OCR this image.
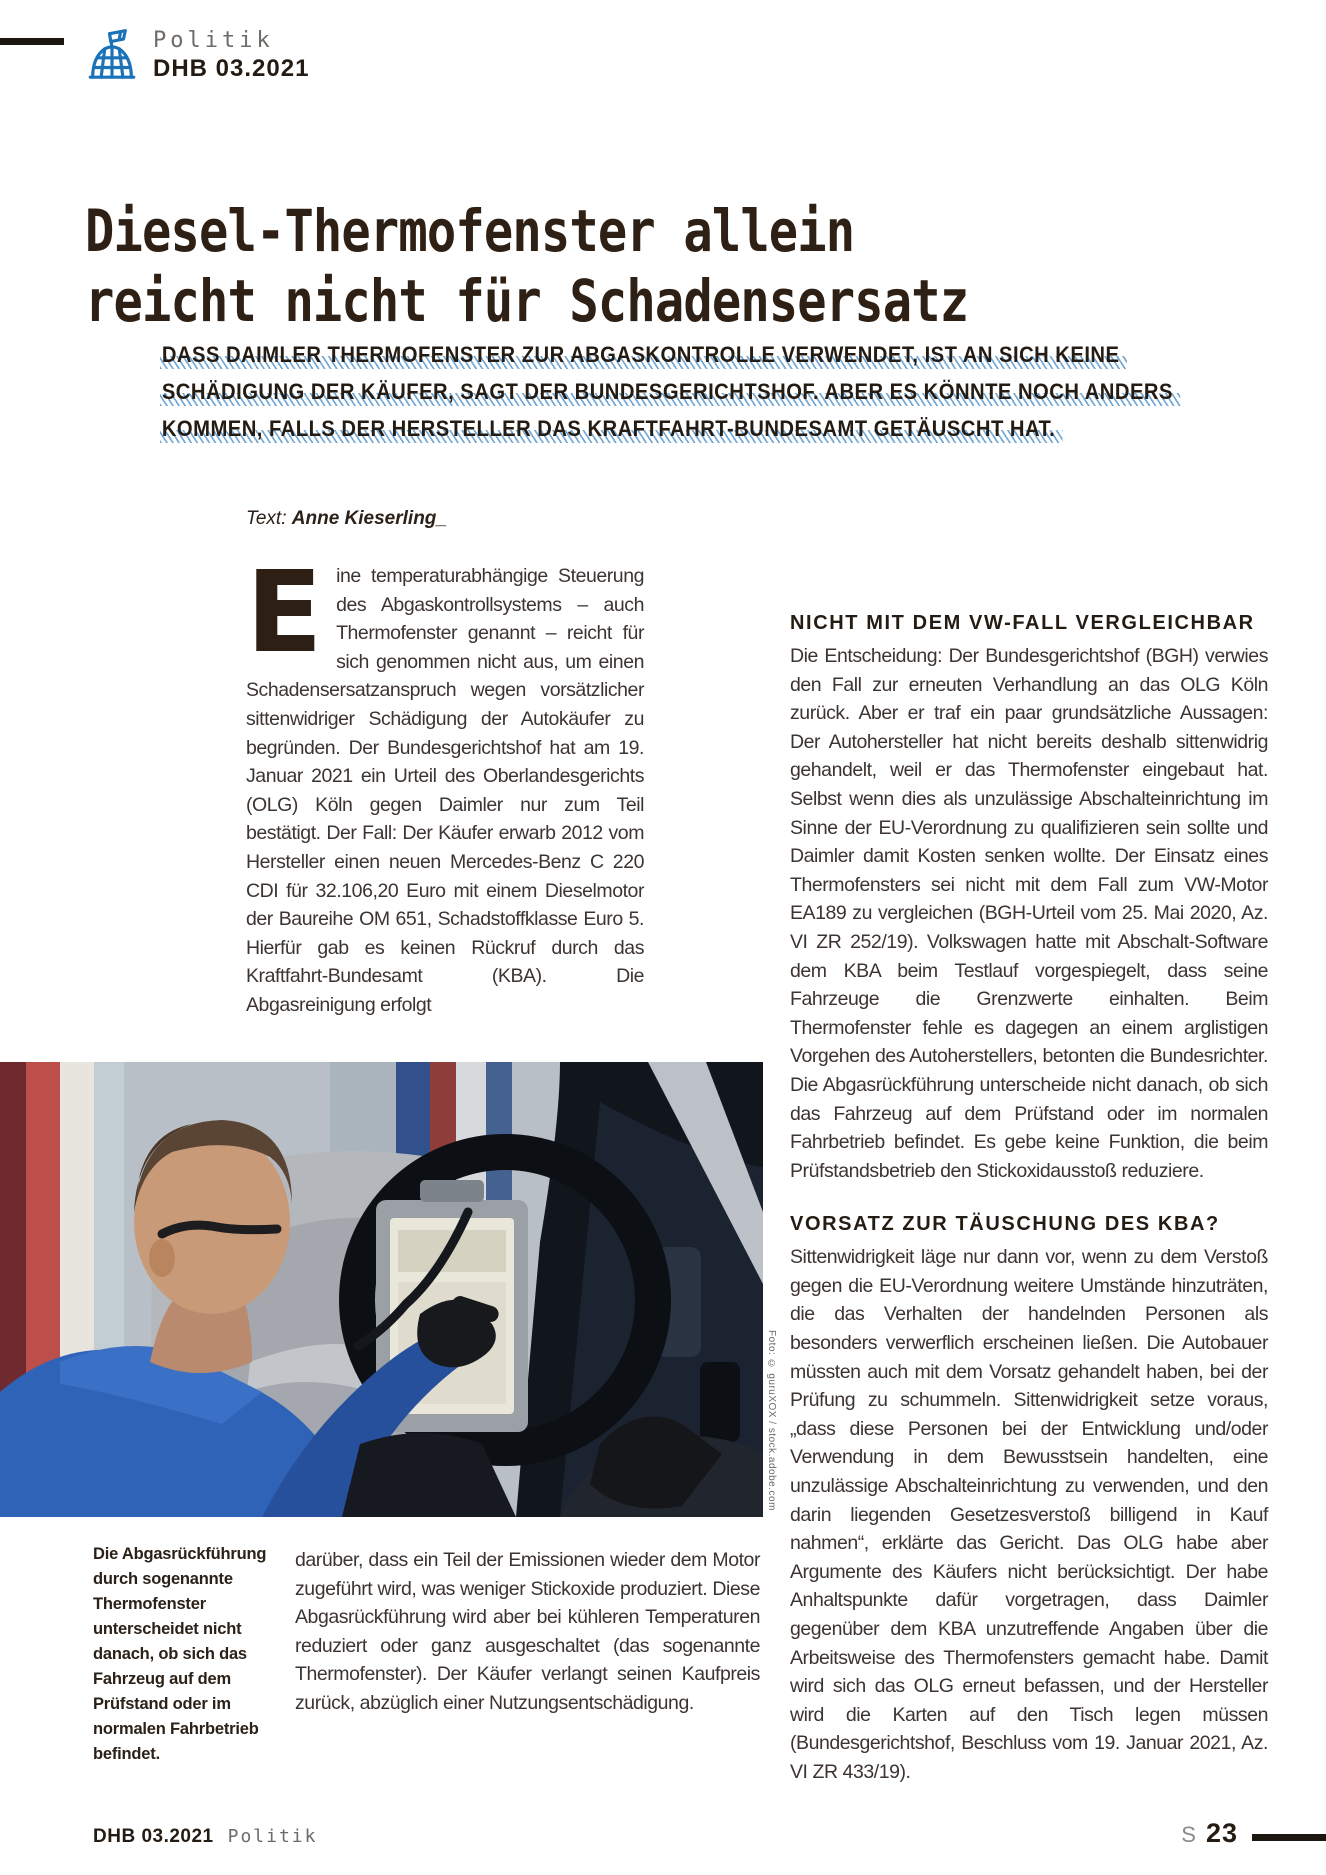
Politik
DHB 03.2021
Diesel-Thermofenster allein
reicht nicht für Schadensersatz
DASS DAIMLER THERMOFENSTER ZUR ABGASKONTROLLE VERWENDET, IST AN SICH KEINE
SCHÄDIGUNG DER KÄUFER, SAGT DER BUNDESGERICHTSHOF. ABER ES KÖNNTE NOCH ANDERS
KOMMEN, FALLS DER HERSTELLER DAS KRAFTFAHRT-BUNDESAMT GETÄUSCHT HAT.
Text: Anne Kieserling_

Eine temperaturabhängige Steuerung des Abgaskontrollsystems – auch Thermofenster genannt – reicht für sich genommen nicht aus, um einen Schadensersatzanspruch wegen vorsätzlicher sittenwidriger Schädigung der Autokäufer zu begründen. Der Bundesgerichtshof hat am 19. Januar 2021 ein Urteil des Oberlandesgerichts (OLG) Köln gegen Daimler nur zum Teil bestätigt. Der Fall: Der Käufer erwarb 2012 vom Hersteller einen neuen Mercedes-Benz C 220 CDI für 32.106,20 Euro mit einem Dieselmotor der Baureihe OM 651, Schadstoffklasse Euro 5. Hierfür gab es keinen Rückruf durch das Kraftfahrt-Bundesamt (KBA). Die Abgasreinigung erfolgt

NICHT MIT DEM VW-FALL VERGLEICHBAR

Die Entscheidung: Der Bundesgerichtshof (BGH) verwies den Fall zur erneuten Verhandlung an das OLG Köln zurück. Aber er traf ein paar grundsätzliche Aussagen: Der Autohersteller hat nicht bereits deshalb sittenwidrig gehandelt, weil er das Thermofenster eingebaut hat. Selbst wenn dies als unzulässige Abschalteinrichtung im Sinne der EU-Verordnung zu qualifizieren sein sollte und Daimler damit Kosten senken wollte. Der Einsatz eines Thermofensters sei nicht mit dem Fall zum VW-Motor EA189 zu vergleichen (BGH-Urteil vom 25. Mai 2020, Az. VI ZR 252/19). Volkswagen hatte mit Abschalt-Software dem KBA beim Testlauf vorgespiegelt, dass seine Fahrzeuge die Grenzwerte einhalten. Beim Thermofenster fehle es dagegen an einem arglistigen Vorgehen des Autoherstellers, betonten die Bundesrichter. Die Abgasrückführung unterscheide nicht danach, ob sich das Fahrzeug auf dem Prüfstand oder im normalen Fahrbetrieb befindet. Es gebe keine Funktion, die beim Prüfstandsbetrieb den Stickoxidausstoß reduziere.

VORSATZ ZUR TÄUSCHUNG DES KBA?

Sittenwidrigkeit läge nur dann vor, wenn zu dem Verstoß gegen die EU-Verordnung weitere Umstände hinzuträten, die das Verhalten der handelnden Personen als besonders verwerflich erscheinen ließen. Die Autobauer müssten auch mit dem Vorsatz gehandelt haben, bei der Prüfung zu schummeln. Sittenwidrigkeit setze voraus, „dass diese Personen bei der Entwicklung und/oder Verwendung in dem Bewusstsein handelten, eine unzulässige Abschalteinrichtung zu verwenden, und den darin liegenden Gesetzesverstoß billigend in Kauf nahmen“, erklärte das Gericht. Das OLG habe aber Argumente des Käufers nicht berücksichtigt. Der habe Anhaltspunkte dafür vorgetragen, dass Daimler gegenüber dem KBA unzutreffende Angaben über die Arbeitsweise des Thermofensters gemacht habe. Damit wird sich das OLG erneut befassen, und der Hersteller wird die Karten auf den Tisch legen müssen (Bundesgerichtshof, Beschluss vom 19. Januar 2021, Az. VI ZR 433/19).

Foto: © guruXOX / stock.adobe.com
Die Abgasrückführung durch sogenannte Thermofenster unterscheidet nicht danach, ob sich das Fahrzeug auf dem Prüfstand oder im normalen Fahrbetrieb befindet.

darüber, dass ein Teil der Emissionen wieder dem Motor zugeführt wird, was weniger Stickoxide produziert. Diese Abgasrückführung wird aber bei kühleren Temperaturen reduziert oder ganz ausgeschaltet (das sogenannte Thermofenster). Der Käufer verlangt seinen Kaufpreis zurück, abzüglich einer Nutzungsentschädigung.

DHB 03.2021 Politik	S 23
